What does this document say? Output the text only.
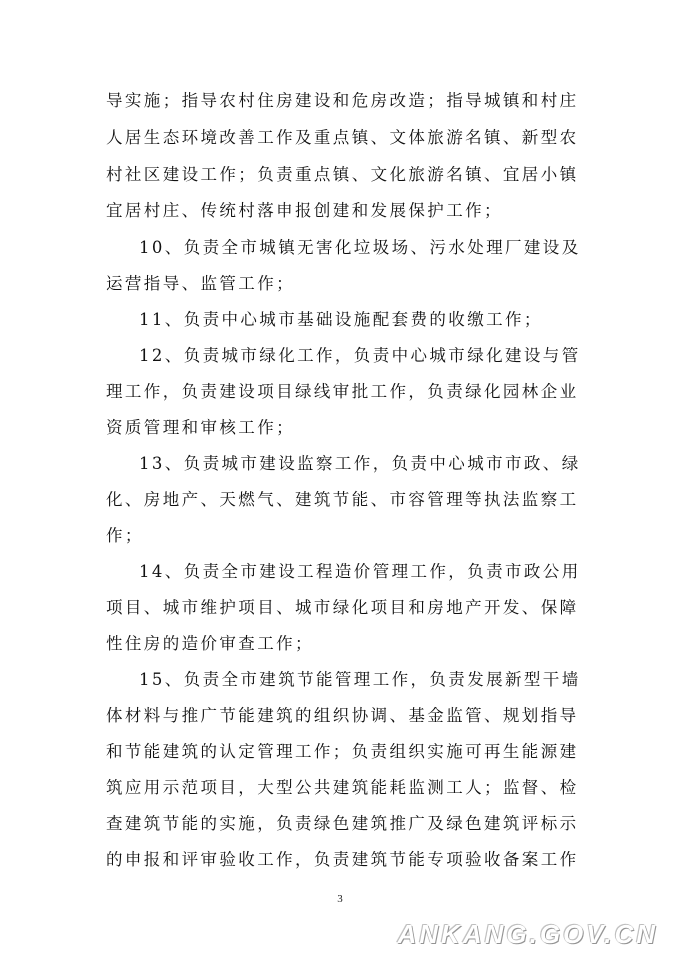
导实施；指导农村住房建设和危房改造；指导城镇和村庄
人居生态环境改善工作及重点镇、文体旅游名镇、新型农
村社区建设工作；负责重点镇、文化旅游名镇、宜居小镇
宜居村庄、传统村落申报创建和发展保护工作；
10、负责全市城镇无害化垃圾场、污水处理厂建设及
运营指导、监管工作；
11、负责中心城市基础设施配套费的收缴工作；
12、负责城市绿化工作，负责中心城市绿化建设与管
理工作，负责建设项目绿线审批工作，负责绿化园林企业
资质管理和审核工作；
13、负责城市建设监察工作，负责中心城市市政、绿
化、房地产、天燃气、建筑节能、市容管理等执法监察工
作；
14、负责全市建设工程造价管理工作，负责市政公用
项目、城市维护项目、城市绿化项目和房地产开发、保障
性住房的造价审查工作；
15、负责全市建筑节能管理工作，负责发展新型干墙
体材料与推广节能建筑的组织协调、基金监管、规划指导
和节能建筑的认定管理工作；负责组织实施可再生能源建
筑应用示范项目，大型公共建筑能耗监测工人；监督、检
查建筑节能的实施，负责绿色建筑推广及绿色建筑评标示
的申报和评审验收工作，负责建筑节能专项验收备案工作
3
ANKANG.GOV.CN
